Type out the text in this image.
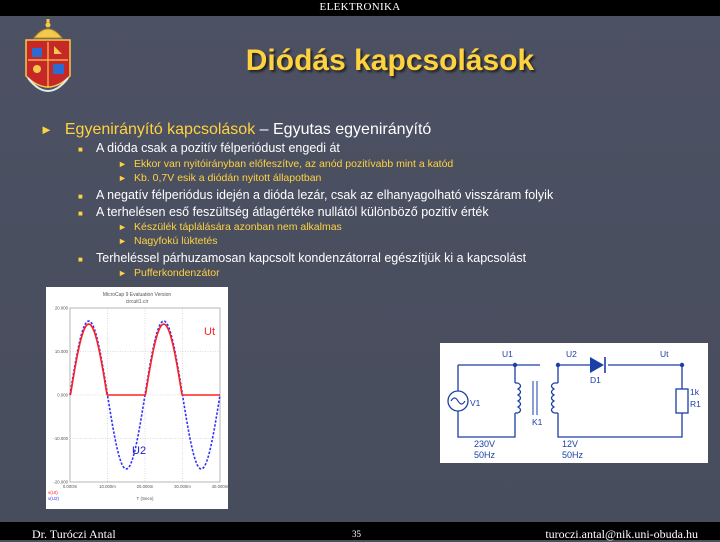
ELEKTRONIKA
Diódás kapcsolások
► Egyenirányító kapcsolások – Egyutas egyenirányító
■ A dióda csak a pozitív félperiódust engedi át
► Ekkor van nyitóirányban előfeszítve, az anód pozitívabb mint a katód
► Kb. 0,7V esik a diódán nyitott állapotban
■ A negatív félperiódus idején a dióda lezár, csak az elhanyagolható visszáram folyik
■ A terhelésen eső feszültség átlagértéke nullától különböző pozitív érték
► Készülék táplálására azonban nem alkalmas
► Nagyfokú lüktetés
■ Terheléssel párhuzamosan kapcsolt kondenzátorral egészítjük ki a kapcsolást
► Pufferkondenzátor
MicroCap 9 Evaluation Version
circuit1.cir
20.000
10.000
0.000
-10.000
-20.000
0.000m	10.000m	20.000m	30.000m	40.000m
Ut
U2
v(Ut)
v(U2)	T (Secs)
U1	U2	Ut
D1
V1
K1
1k
R1
230V
50Hz
12V
50Hz
Dr. Turóczi Antal	35	turoczi.antal@nik.uni-obuda.hu
